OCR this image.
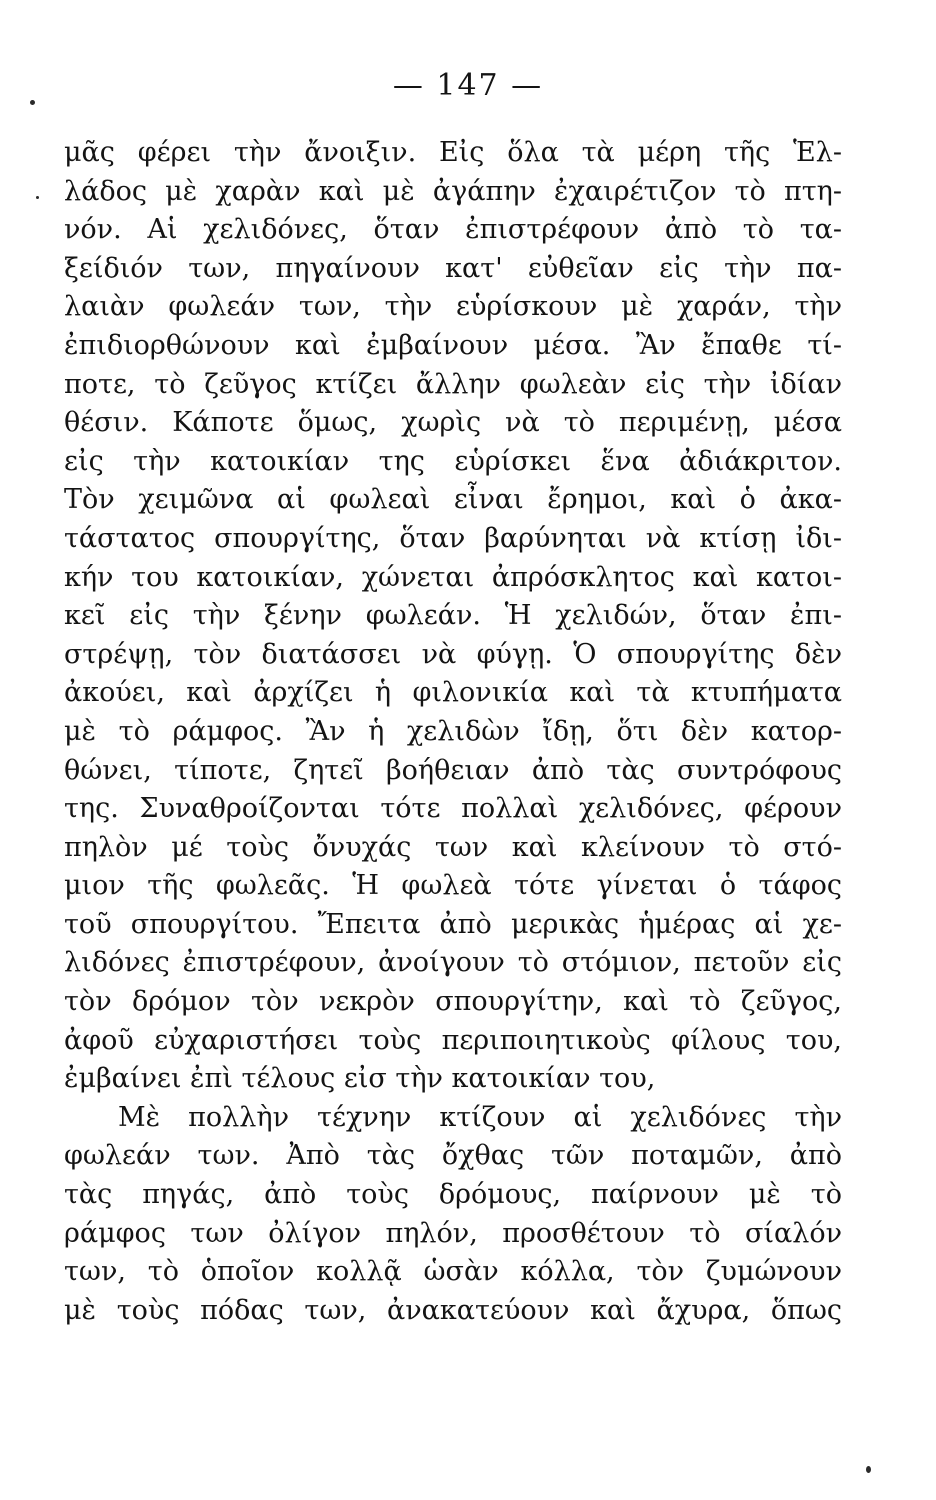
— 147 —
μᾶς φέρει τὴν ἄνοιξιν. Εἰς ὅλα τὰ μέρη τῆς Ἑλ-
λάδος μὲ χαρὰν καὶ μὲ ἀγάπην ἐχαιρέτιζον τὸ πτη-
νόν. Αἱ χελιδόνες, ὅταν ἐπιστρέφουν ἀπὸ τὸ τα-
ξείδιόν των, πηγαίνουν κατ' εὐθεῖαν εἰς τὴν πα-
λαιὰν φωλεάν των, τὴν εὑρίσκουν μὲ χαράν, τὴν
ἐπιδιορθώνουν καὶ ἐμβαίνουν μέσα. Ἂν ἔπαθε τί-
ποτε, τὸ ζεῦγος κτίζει ἄλλην φωλεὰν εἰς τὴν ἰδίαν
θέσιν. Κάποτε ὅμως, χωρὶς νὰ τὸ περιμένῃ, μέσα
εἰς τὴν κατοικίαν της εὑρίσκει ἕνα ἀδιάκριτον.
Τὸν χειμῶνα αἱ φωλεαὶ εἶναι ἔρημοι, καὶ ὁ ἀκα-
τάστατος σπουργίτης, ὅταν βαρύνηται νὰ κτίσῃ ἰδι-
κήν του κατοικίαν, χώνεται ἀπρόσκλητος καὶ κατοι-
κεῖ εἰς τὴν ξένην φωλεάν. Ἡ χελιδών, ὅταν ἐπι-
στρέψῃ, τὸν διατάσσει νὰ φύγῃ. Ὁ σπουργίτης δὲν
ἀκούει, καὶ ἀρχίζει ἡ φιλονικία καὶ τὰ κτυπήματα
μὲ τὸ ράμφος. Ἂν ἡ χελιδὼν ἴδῃ, ὅτι δὲν κατορ-
θώνει, τίποτε, ζητεῖ βοήθειαν ἀπὸ τὰς συντρόφους
της. Συναθροίζονται τότε πολλαὶ χελιδόνες, φέρουν
πηλὸν μέ τοὺς ὄνυχάς των καὶ κλείνουν τὸ στό-
μιον τῆς φωλεᾶς. Ἡ φωλεὰ τότε γίνεται ὁ τάφος
τοῦ σπουργίτου. Ἔπειτα ἀπὸ μερικὰς ἡμέρας αἱ χε-
λιδόνες ἐπιστρέφουν, ἀνοίγουν τὸ στόμιον, πετοῦν εἰς
τὸν δρόμον τὸν νεκρὸν σπουργίτην, καὶ τὸ ζεῦγος,
ἀφοῦ εὐχαριστήσει τοὺς περιποιητικοὺς φίλους του,
ἐμβαίνει ἐπὶ τέλους εἰσ τὴν κατοικίαν του,
Μὲ πολλὴν τέχνην κτίζουν αἱ χελιδόνες τὴν
φωλεάν των. Ἀπὸ τὰς ὄχθας τῶν ποταμῶν, ἀπὸ
τὰς πηγάς, ἀπὸ τοὺς δρόμους, παίρνουν μὲ τὸ
ράμφος των ὀλίγον πηλόν, προσθέτουν τὸ σίαλόν
των, τὸ ὁποῖον κολλᾷ ὡσὰν κόλλα, τὸν ζυμώνουν
μὲ τοὺς πόδας των, ἀνακατεύουν καὶ ἄχυρα, ὅπως
